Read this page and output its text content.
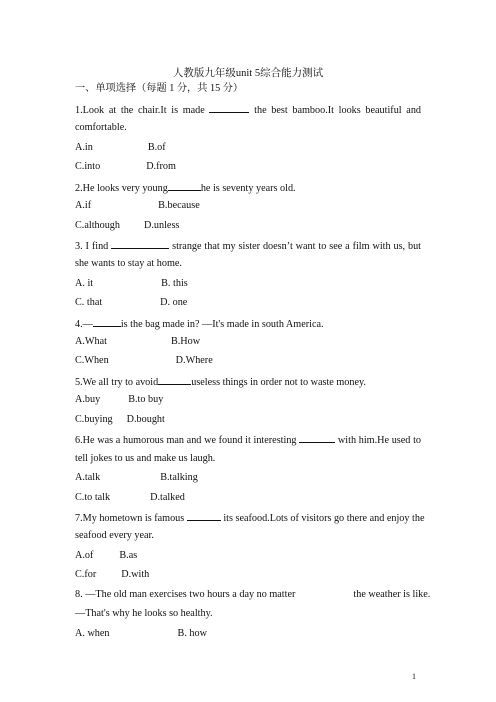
人教版九年级unit 5综合能力测试
一、单项选择（每题 1 分，共 15 分）
1.Look at the chair.It is made	the best bamboo.It looks beautiful and
comfortable.
A.in	B.of
C.into	D.from
2.He looks very young	he is seventy years old.
A.if	B.because
C.although D.unless
3. I find	strange that my sister doesn’t want to see a film with us, but
she wants to stay at home.
A. it	B. this
C. that	D. one
4.—	is the bag made in? —It's made in south America.
A.What	B.How
C.When	D.Where
5.We all try to avoid	useless things in order not to waste money.
A.buy	B.to buy
C.buying D.bought
6.He was a humorous man and we found it interesting	with him.He used to
tell jokes to us and make us laugh.
A.talk	B.talking
C.to talk	D.talked
7.My hometown is famous	its seafood.Lots of visitors go there and enjoy the
seafood every year.
A.of	B.as
C.for D.with
8. —The old man exercises two hours a day no matter	the weather is like.
—That's why he looks so healthy.
A. when	B. how
1
